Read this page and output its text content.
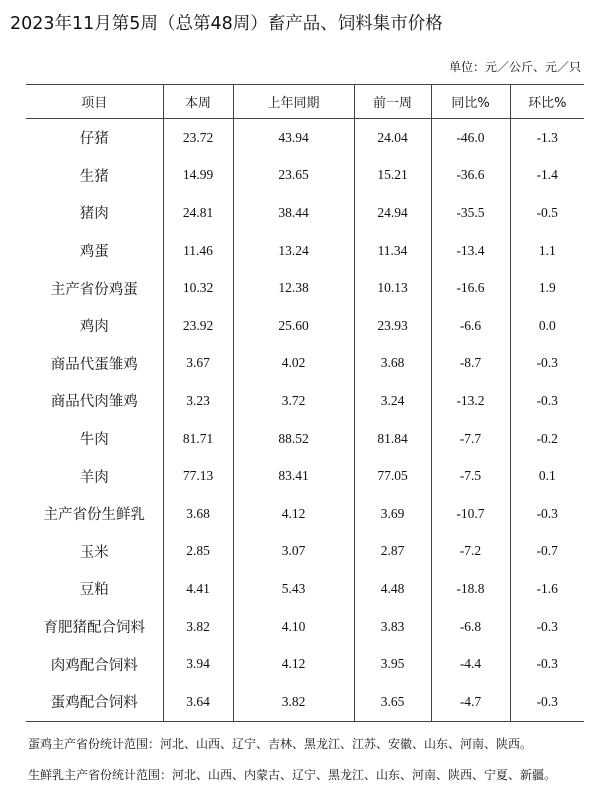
2023年11月第5周（总第48周）畜产品、饲料集市价格
单位：元／公斤、元／只
项目	本周	上年同期	前一周	同比%	环比%
仔猪	23.72	43.94	24.04	-46.0	-1.3
生猪	14.99	23.65	15.21	-36.6	-1.4
猪肉	24.81	38.44	24.94	-35.5	-0.5
鸡蛋	11.46	13.24	11.34	-13.4	1.1
主产省份鸡蛋	10.32	12.38	10.13	-16.6	1.9
鸡肉	23.92	25.60	23.93	-6.6	0.0
商品代蛋雏鸡	3.67	4.02	3.68	-8.7	-0.3
商品代肉雏鸡	3.23	3.72	3.24	-13.2	-0.3
牛肉	81.71	88.52	81.84	-7.7	-0.2
羊肉	77.13	83.41	77.05	-7.5	0.1
主产省份生鲜乳	3.68	4.12	3.69	-10.7	-0.3
玉米	2.85	3.07	2.87	-7.2	-0.7
豆粕	4.41	5.43	4.48	-18.8	-1.6
育肥猪配合饲料	3.82	4.10	3.83	-6.8	-0.3
肉鸡配合饲料	3.94	4.12	3.95	-4.4	-0.3
蛋鸡配合饲料	3.64	3.82	3.65	-4.7	-0.3
蛋鸡主产省份统计范围：河北、山西、辽宁、吉林、黑龙江、江苏、安徽、山东、河南、陕西。
生鲜乳主产省份统计范围：河北、山西、内蒙古、辽宁、黑龙江、山东、河南、陕西、宁夏、新疆。
